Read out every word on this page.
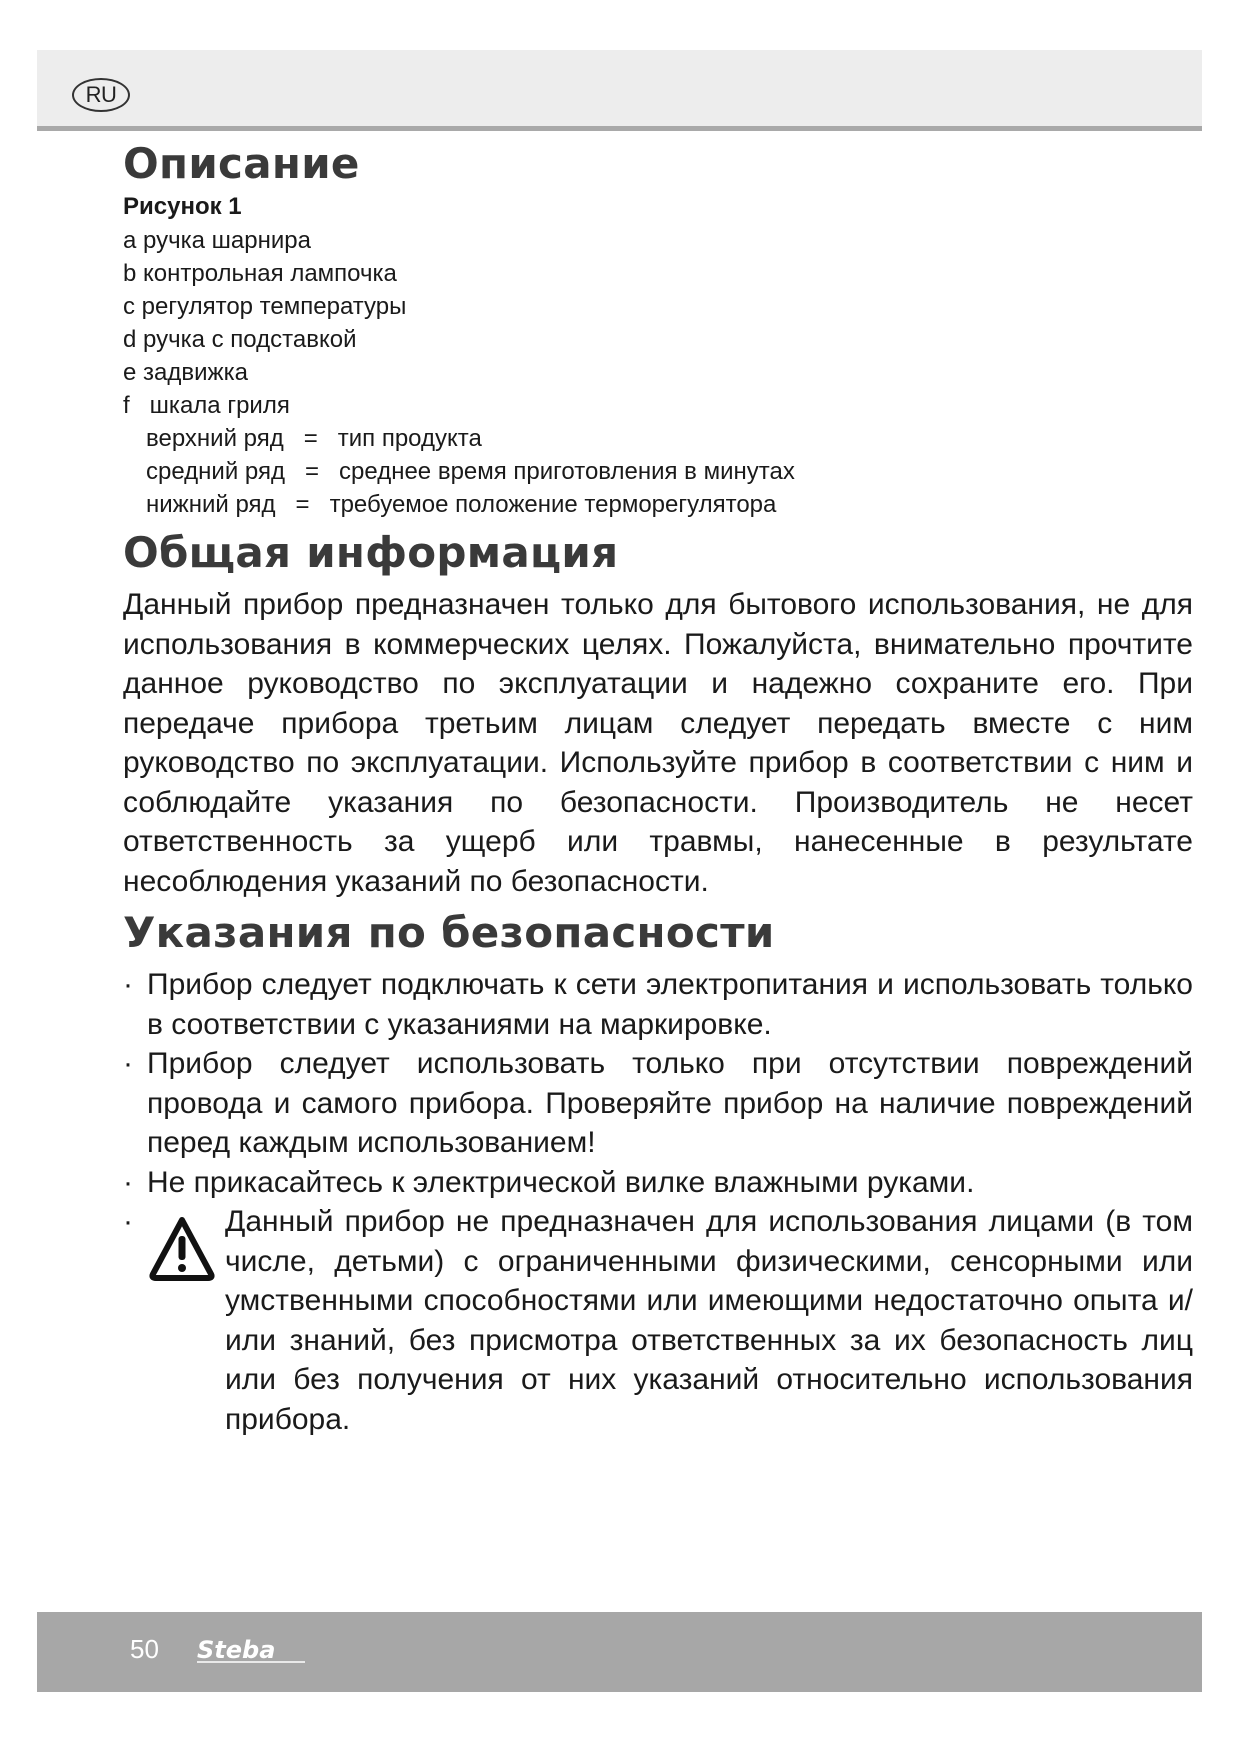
RU
Описание
Рисунок 1
a ручка шарнира
b контрольная лампочка
c регулятор температуры
d ручка с подставкой
e задвижка
f   шкала гриля
верхний ряд = тип продукта
средний ряд = среднее время приготовления в минутах
нижний ряд = требуемое положение терморегулятора
Общая информация
Данный прибор предназначен только для бытового использования, не для использования в коммерческих целях. Пожалуйста, внимательно прочтите данное руководство по эксплуатации и надежно сохраните его. При передаче прибора третьим лицам следует передать вместе с ним руководство по эксплуатации. Используйте прибор в соответствии с ним и соблюдайте указания по безопасности. Производитель не несет ответственность за ущерб или травмы, нанесенные в результате несоблюдения указаний по безопасности.
Указания по безопасности
· Прибор следует подключать к сети электропитания и использовать только в соответствии с указаниями на маркировке.
· Прибор следует использовать только при отсутствии повреждений провода и самого прибора. Проверяйте прибор на наличие повреждений перед каждым использованием!
· Не прикасайтесь к электрической вилке влажными руками.
·	Данный прибор не предназначен для использования лицами (в том числе, детьми) с ограниченными физическими, сенсорными или умственными способностями или имеющими недостаточно опыта и/или знаний, без присмотра ответственных за их безопасность лиц или без получения от них указаний относительно использования прибора.
50 Steba
